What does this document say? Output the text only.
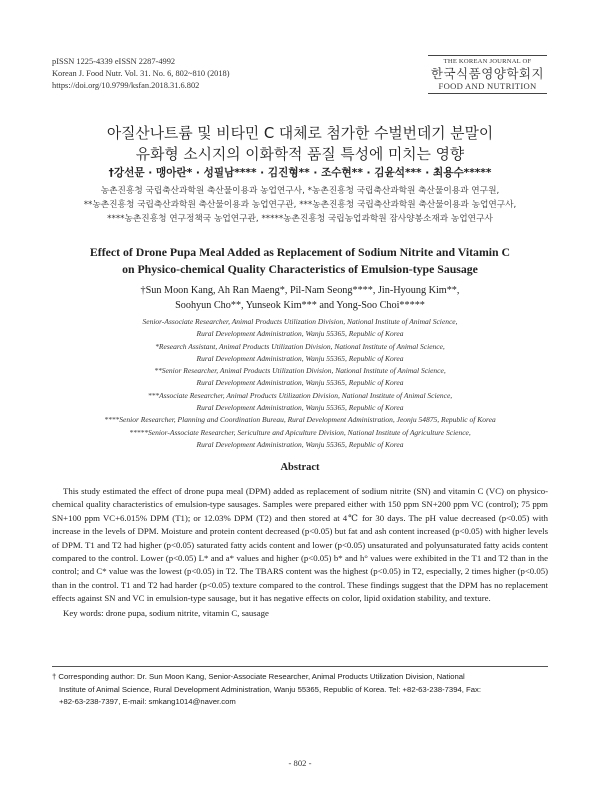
pISSN 1225-4339 eISSN 2287-4992
Korean J. Food Nutr. Vol. 31. No. 6, 802~810 (2018)
https://doi.org/10.9799/ksfan.2018.31.6.802
THE KOREAN JOURNAL OF
한국식품영양학회지
FOOD AND NUTRITION
아질산나트륨 및 비타민 C 대체로 첨가한 수벌번데기 분말이
유화형 소시지의 이화학적 품질 특성에 미치는 영향
†강선문 · 맹아란* · 성필남**** · 김진형** · 조수현** · 김윤석*** · 최용수*****
농촌진흥청 국립축산과학원 축산물이용과 농업연구사, *농촌진흥청 국립축산과학원 축산물이용과 연구원,
**농촌진흥청 국립축산과학원 축산물이용과 농업연구관, ***농촌진흥청 국립축산과학원 축산물이용과 농업연구사,
****농촌진흥청 연구정책국 농업연구관, *****농촌진흥청 국립농업과학원 잠사양봉소재과 농업연구사
Effect of Drone Pupa Meal Added as Replacement of Sodium Nitrite and Vitamin C
on Physico-chemical Quality Characteristics of Emulsion-type Sausage
†Sun Moon Kang, Ah Ran Maeng*, Pil-Nam Seong****, Jin-Hyoung Kim**,
Soohyun Cho**, Yunseok Kim*** and Yong-Soo Choi*****
Senior-Associate Researcher, Animal Products Utilization Division, National Institute of Animal Science,
Rural Development Administration, Wanju 55365, Republic of Korea
*Research Assistant, Animal Products Utilization Division, National Institute of Animal Science,
Rural Development Administration, Wanju 55365, Republic of Korea
**Senior Researcher, Animal Products Utilization Division, National Institute of Animal Science,
Rural Development Administration, Wanju 55365, Republic of Korea
***Associate Researcher, Animal Products Utilization Division, National Institute of Animal Science,
Rural Development Administration, Wanju 55365, Republic of Korea
****Senior Researcher, Planning and Coordination Bureau, Rural Development Administration, Jeonju 54875, Republic of Korea
*****Senior-Associate Researcher, Sericulture and Apiculture Division, National Institute of Agriculture Science,
Rural Development Administration, Wanju 55365, Republic of Korea
Abstract

This study estimated the effect of drone pupa meal (DPM) added as replacement of sodium nitrite (SN) and vitamin C (VC) on physico-chemical quality characteristics of emulsion-type sausages. Samples were prepared either with 150 ppm SN+200 ppm VC (control); 75 ppm SN+100 ppm VC+6.015% DPM (T1); or 12.03% DPM (T2) and then stored at 4℃ for 30 days. The pH value decreased (p<0.05) with increase in the levels of DPM. Moisture and protein content decreased (p<0.05) but fat and ash content increased (p<0.05) with higher levels of DPM. T1 and T2 had higher (p<0.05) saturated fatty acids content and lower (p<0.05) unsaturated and polyunsaturated fatty acids content compared to the control. Lower (p<0.05) L* and a* values and higher (p<0.05) b* and h° values were exhibited in the T1 and T2 than in the control; and C* value was the lowest (p<0.05) in T2. The TBARS content was the highest (p<0.05) in T2, especially, 2 times higher (p<0.05) than in the control. T1 and T2 had harder (p<0.05) texture compared to the control. These findings suggest that the DPM has no replacement effects against SN and VC in emulsion-type sausage, but it has negative effects on color, lipid oxidation stability, and texture.

Key words: drone pupa, sodium nitrite, vitamin C, sausage

† Corresponding author: Dr. Sun Moon Kang, Senior-Associate Researcher, Animal Products Utilization Division, National
Institute of Animal Science, Rural Development Administration, Wanju 55365, Republic of Korea. Tel: +82-63-238-7394, Fax:
+82-63-238-7397, E-mail: smkang1014@naver.com
- 802 -
